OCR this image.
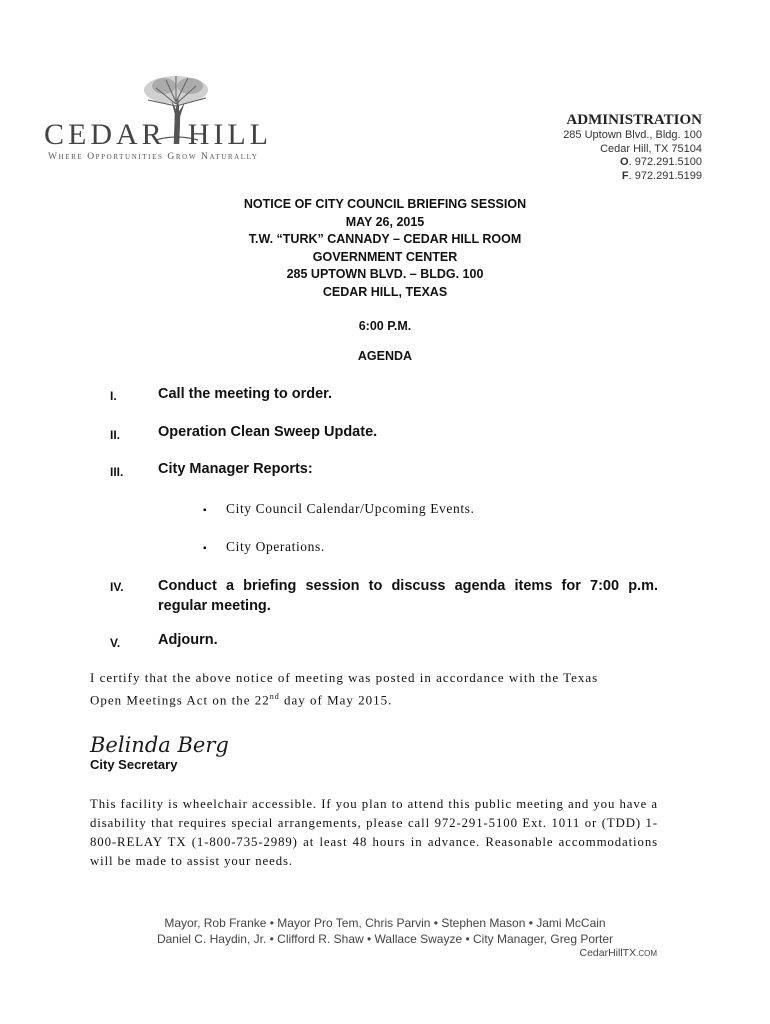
CEDAR HILL
Where Opportunities Grow Naturally
ADMINISTRATION
285 Uptown Blvd., Bldg. 100
Cedar Hill, TX 75104
O. 972.291.5100
F. 972.291.5199
NOTICE OF CITY COUNCIL BRIEFING SESSION
MAY 26, 2015
T.W. “TURK” CANNADY – CEDAR HILL ROOM
GOVERNMENT CENTER
285 UPTOWN BLVD. – BLDG. 100
CEDAR HILL, TEXAS
6:00 P.M.
AGENDA
I.	Call the meeting to order.
II.	Operation Clean Sweep Update.
III. City Manager Reports:
▪ City Council Calendar/Upcoming Events.
▪ City Operations.
IV. Conduct a briefing session to discuss agenda items for 7:00 p.m. regular meeting.
V.	Adjourn.
I certify that the above notice of meeting was posted in accordance with the Texas
Open Meetings Act on the 22nd day of May 2015.
Belinda Berg
City Secretary
This facility is wheelchair accessible. If you plan to attend this public meeting and you have a disability that requires special arrangements, please call 972-291-5100 Ext. 1011 or (TDD) 1-800-RELAY TX (1-800-735-2989) at least 48 hours in advance. Reasonable accommodations will be made to assist your needs.
Mayor, Rob Franke • Mayor Pro Tem, Chris Parvin • Stephen Mason • Jami McCain
Daniel C. Haydin, Jr. • Clifford R. Shaw • Wallace Swayze • City Manager, Greg Porter
CedarHillTX.COM
